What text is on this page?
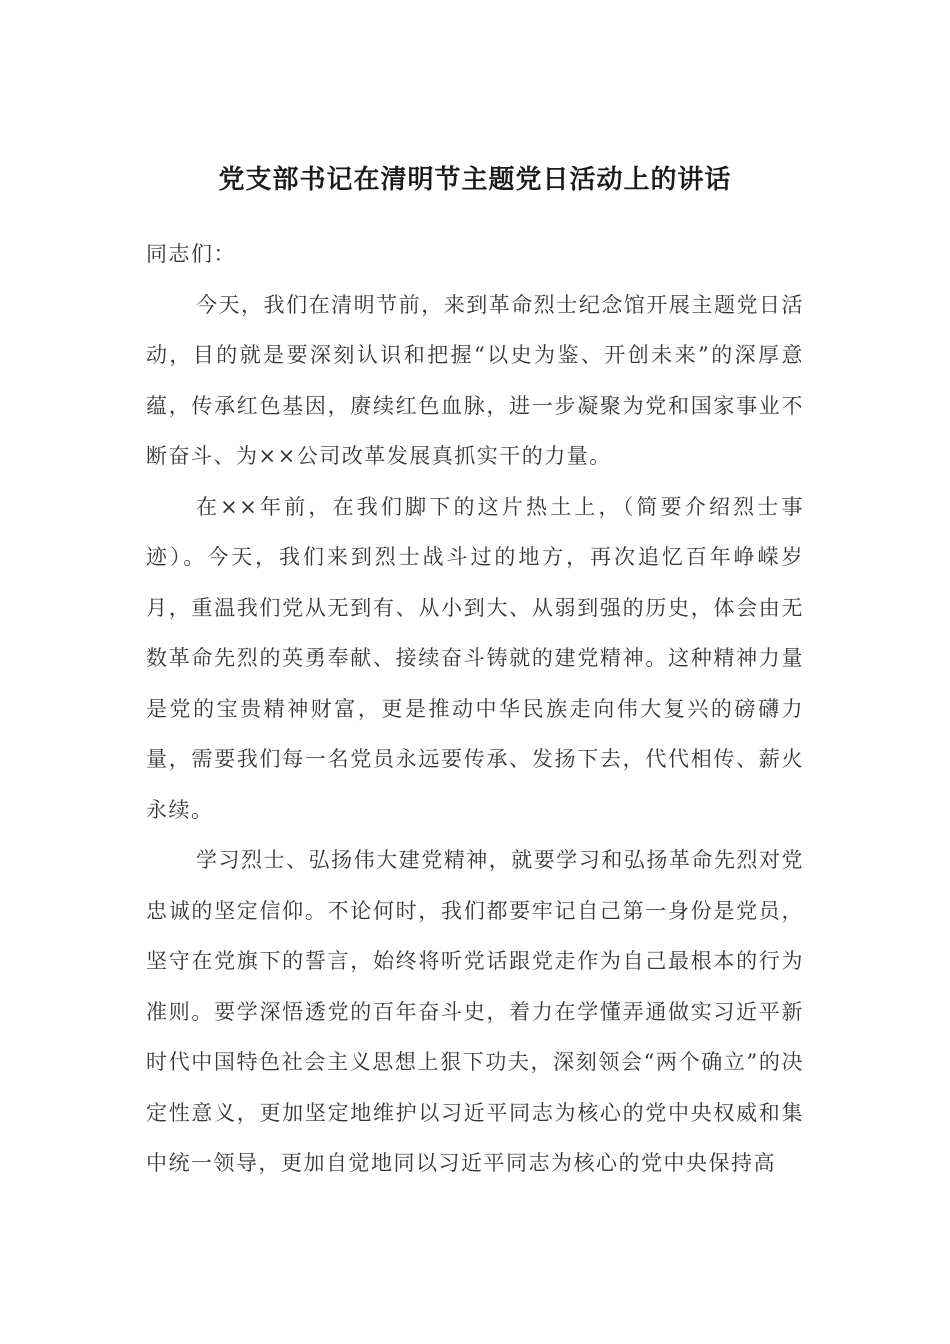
党支部书记在清明节主题党日活动上的讲话

同志们：

今天，我们在清明节前，来到革命烈士纪念馆开展主题党日活动，目的就是要深刻认识和把握“以史为鉴、开创未来”的深厚意蕴，传承红色基因，赓续红色血脉，进一步凝聚为党和国家事业不断奋斗、为××公司改革发展真抓实干的力量。

在××年前，在我们脚下的这片热土上，（简要介绍烈士事迹）。今天，我们来到烈士战斗过的地方，再次追忆百年峥嵘岁月，重温我们党从无到有、从小到大、从弱到强的历史，体会由无数革命先烈的英勇奉献、接续奋斗铸就的建党精神。这种精神力量是党的宝贵精神财富，更是推动中华民族走向伟大复兴的磅礴力量，需要我们每一名党员永远要传承、发扬下去，代代相传、薪火永续。

学习烈士、弘扬伟大建党精神，就要学习和弘扬革命先烈对党忠诚的坚定信仰。不论何时，我们都要牢记自己第一身份是党员，坚守在党旗下的誓言，始终将听党话跟党走作为自己最根本的行为准则。要学深悟透党的百年奋斗史，着力在学懂弄通做实习近平新时代中国特色社会主义思想上狠下功夫，深刻领会“两个确立”的决定性意义，更加坚定地维护以习近平同志为核心的党中央权威和集中统一领导，更加自觉地同以习近平同志为核心的党中央保持高
